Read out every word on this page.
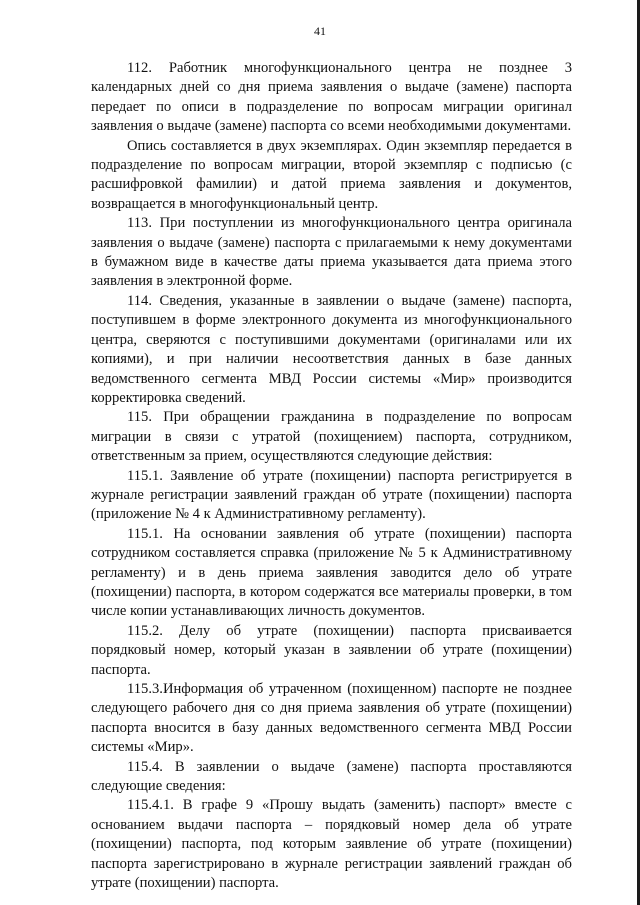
41

112. Работник многофункционального центра не позднее 3 календарных дней со дня приема заявления о выдаче (замене) паспорта передает по описи в подразделение по вопросам миграции оригинал заявления о выдаче (замене) паспорта со всеми необходимыми документами.

Опись составляется в двух экземплярах. Один экземпляр передается в подразделение по вопросам миграции, второй экземпляр с подписью (с расшифровкой фамилии) и датой приема заявления и документов, возвращается в многофункциональный центр.

113. При поступлении из многофункционального центра оригинала заявления о выдаче (замене) паспорта с прилагаемыми к нему документами в бумажном виде в качестве даты приема указывается дата приема этого заявления в электронной форме.

114. Сведения, указанные в заявлении о выдаче (замене) паспорта, поступившем в форме электронного документа из многофункционального центра, сверяются с поступившими документами (оригиналами или их копиями), и при наличии несоответствия данных в базе данных ведомственного сегмента МВД России системы «Мир» производится корректировка сведений.

115. При обращении гражданина в подразделение по вопросам миграции в связи с утратой (похищением) паспорта, сотрудником, ответственным за прием, осуществляются следующие действия:

115.1. Заявление об утрате (похищении) паспорта регистрируется в журнале регистрации заявлений граждан об утрате (похищении) паспорта (приложение № 4 к Административному регламенту).

115.1. На основании заявления об утрате (похищении) паспорта сотрудником составляется справка (приложение № 5 к Административному регламенту) и в день приема заявления заводится дело об утрате (похищении) паспорта, в котором содержатся все материалы проверки, в том числе копии устанавливающих личность документов.

115.2. Делу об утрате (похищении) паспорта присваивается порядковый номер, который указан в заявлении об утрате (похищении) паспорта.

115.3.Информация об утраченном (похищенном) паспорте не позднее следующего рабочего дня со дня приема заявления об утрате (похищении) паспорта вносится в базу данных ведомственного сегмента МВД России системы «Мир».

115.4. В заявлении о выдаче (замене) паспорта проставляются следующие сведения:

115.4.1. В графе 9 «Прошу выдать (заменить) паспорт» вместе с основанием выдачи паспорта – порядковый номер дела об утрате (похищении) паспорта, под которым заявление об утрате (похищении) паспорта зарегистрировано в журнале регистрации заявлений граждан об утрате (похищении) паспорта.
